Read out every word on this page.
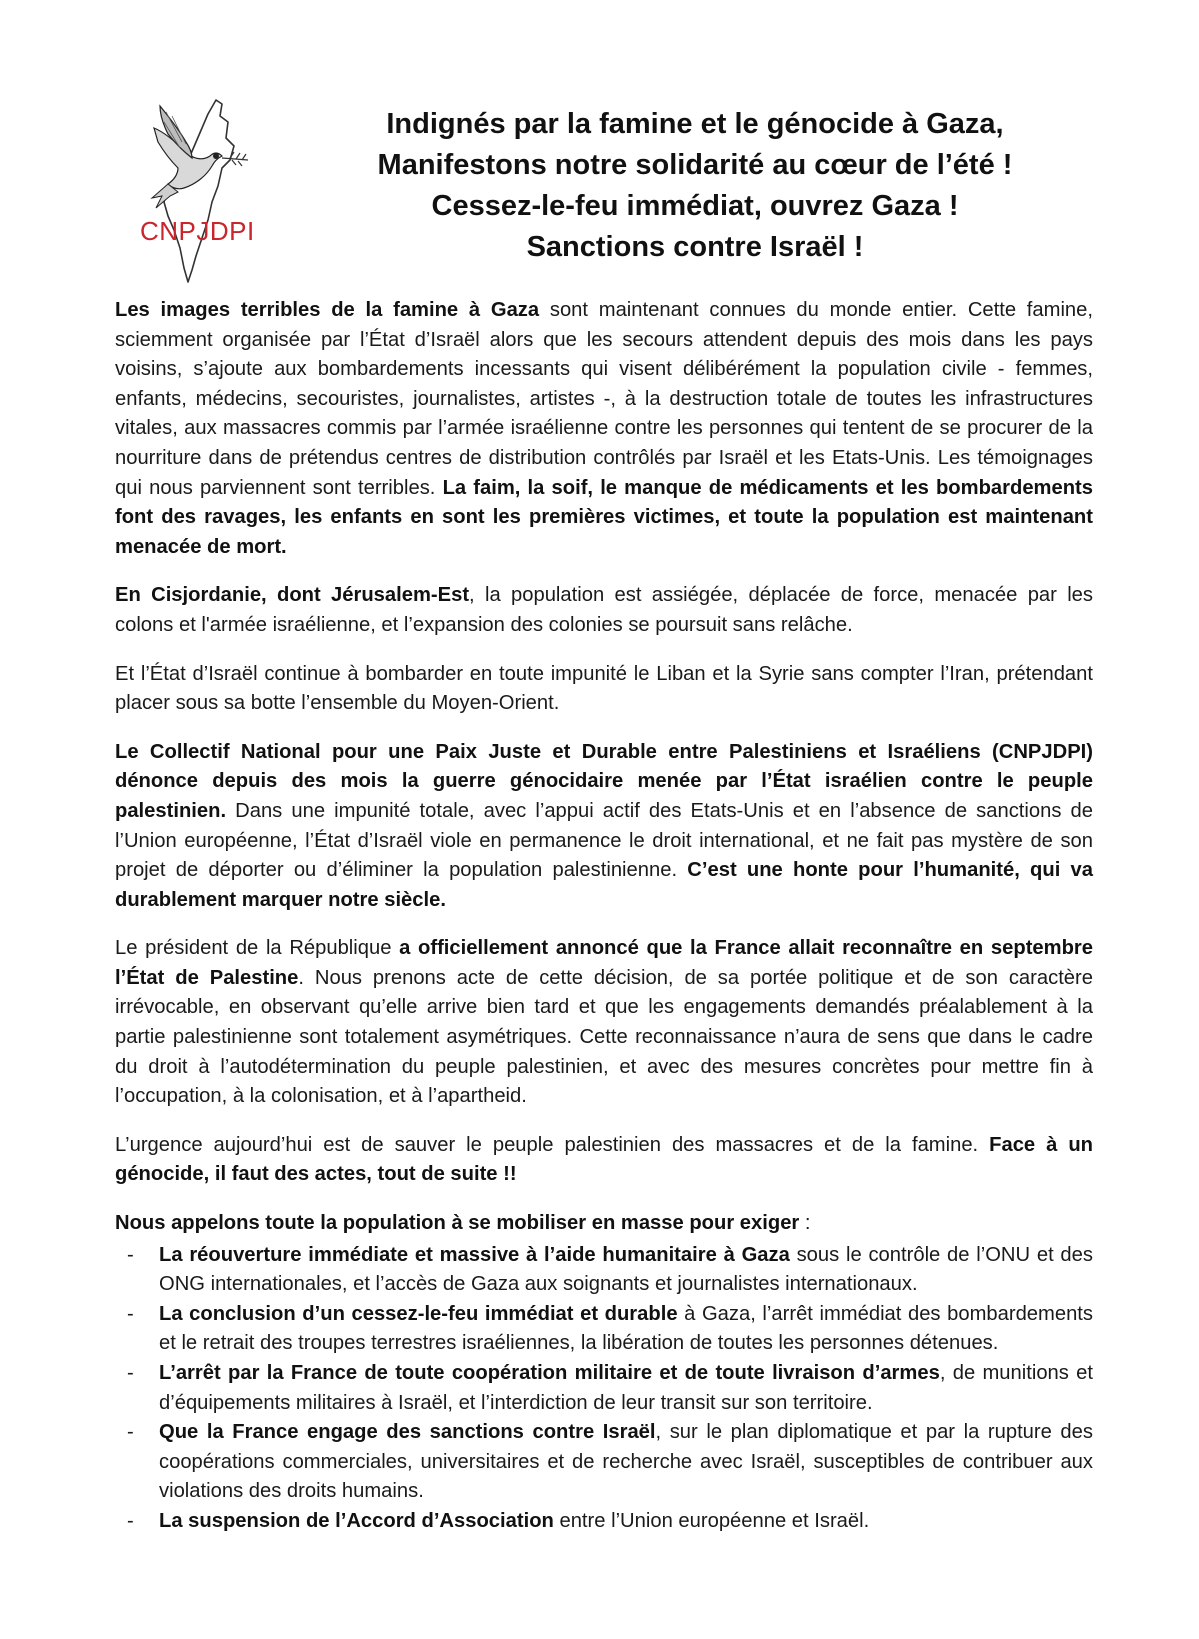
CNPJDPI
Indignés par la famine et le génocide à Gaza,
Manifestons notre solidarité au cœur de l’été !
Cessez-le-feu immédiat, ouvrez Gaza !
Sanctions contre Israël !

Les images terribles de la famine à Gaza sont maintenant connues du monde entier. Cette famine, sciemment organisée par l’État d’Israël alors que les secours attendent depuis des mois dans les pays voisins, s’ajoute aux bombardements incessants qui visent délibérément la population civile - femmes, enfants, médecins, secouristes, journalistes, artistes -, à la destruction totale de toutes les infrastructures vitales, aux massacres commis par l’armée israélienne contre les personnes qui tentent de se procurer de la nourriture dans de prétendus centres de distribution contrôlés par Israël et les Etats-Unis. Les témoignages qui nous parviennent sont terribles. La faim, la soif, le manque de médicaments et les bombardements font des ravages, les enfants en sont les premières victimes, et toute la population est maintenant menacée de mort.

En Cisjordanie, dont Jérusalem-Est, la population est assiégée, déplacée de force, menacée par les colons et l'armée israélienne, et l’expansion des colonies se poursuit sans relâche.

Et l’État d’Israël continue à bombarder en toute impunité le Liban et la Syrie sans compter l’Iran, prétendant placer sous sa botte l’ensemble du Moyen-Orient.

Le Collectif National pour une Paix Juste et Durable entre Palestiniens et Israéliens (CNPJDPI) dénonce depuis des mois la guerre génocidaire menée par l’État israélien contre le peuple palestinien. Dans une impunité totale, avec l’appui actif des Etats-Unis et en l’absence de sanctions de l’Union européenne, l’État d’Israël viole en permanence le droit international, et ne fait pas mystère de son projet de déporter ou d’éliminer la population palestinienne. C’est une honte pour l’humanité, qui va durablement marquer notre siècle.

Le président de la République a officiellement annoncé que la France allait reconnaître en septembre l’État de Palestine. Nous prenons acte de cette décision, de sa portée politique et de son caractère irrévocable, en observant qu’elle arrive bien tard et que les engagements demandés préalablement à la partie palestinienne sont totalement asymétriques. Cette reconnaissance n’aura de sens que dans le cadre du droit à l’autodétermination du peuple palestinien, et avec des mesures concrètes pour mettre fin à l’occupation, à la colonisation, et à l’apartheid.

L’urgence aujourd’hui est de sauver le peuple palestinien des massacres et de la famine. Face à un génocide, il faut des actes, tout de suite !!

Nous appelons toute la population à se mobiliser en masse pour exiger :

- La réouverture immédiate et massive à l’aide humanitaire à Gaza sous le contrôle de l’ONU et des ONG internationales, et l’accès de Gaza aux soignants et journalistes internationaux.
- La conclusion d’un cessez-le-feu immédiat et durable à Gaza, l’arrêt immédiat des bombardements et le retrait des troupes terrestres israéliennes, la libération de toutes les personnes détenues.
- L’arrêt par la France de toute coopération militaire et de toute livraison d’armes, de munitions et d’équipements militaires à Israël, et l’interdiction de leur transit sur son territoire.
- Que la France engage des sanctions contre Israël, sur le plan diplomatique et par la rupture des coopérations commerciales, universitaires et de recherche avec Israël, susceptibles de contribuer aux violations des droits humains.
- La suspension de l’Accord d’Association entre l’Union européenne et Israël.
